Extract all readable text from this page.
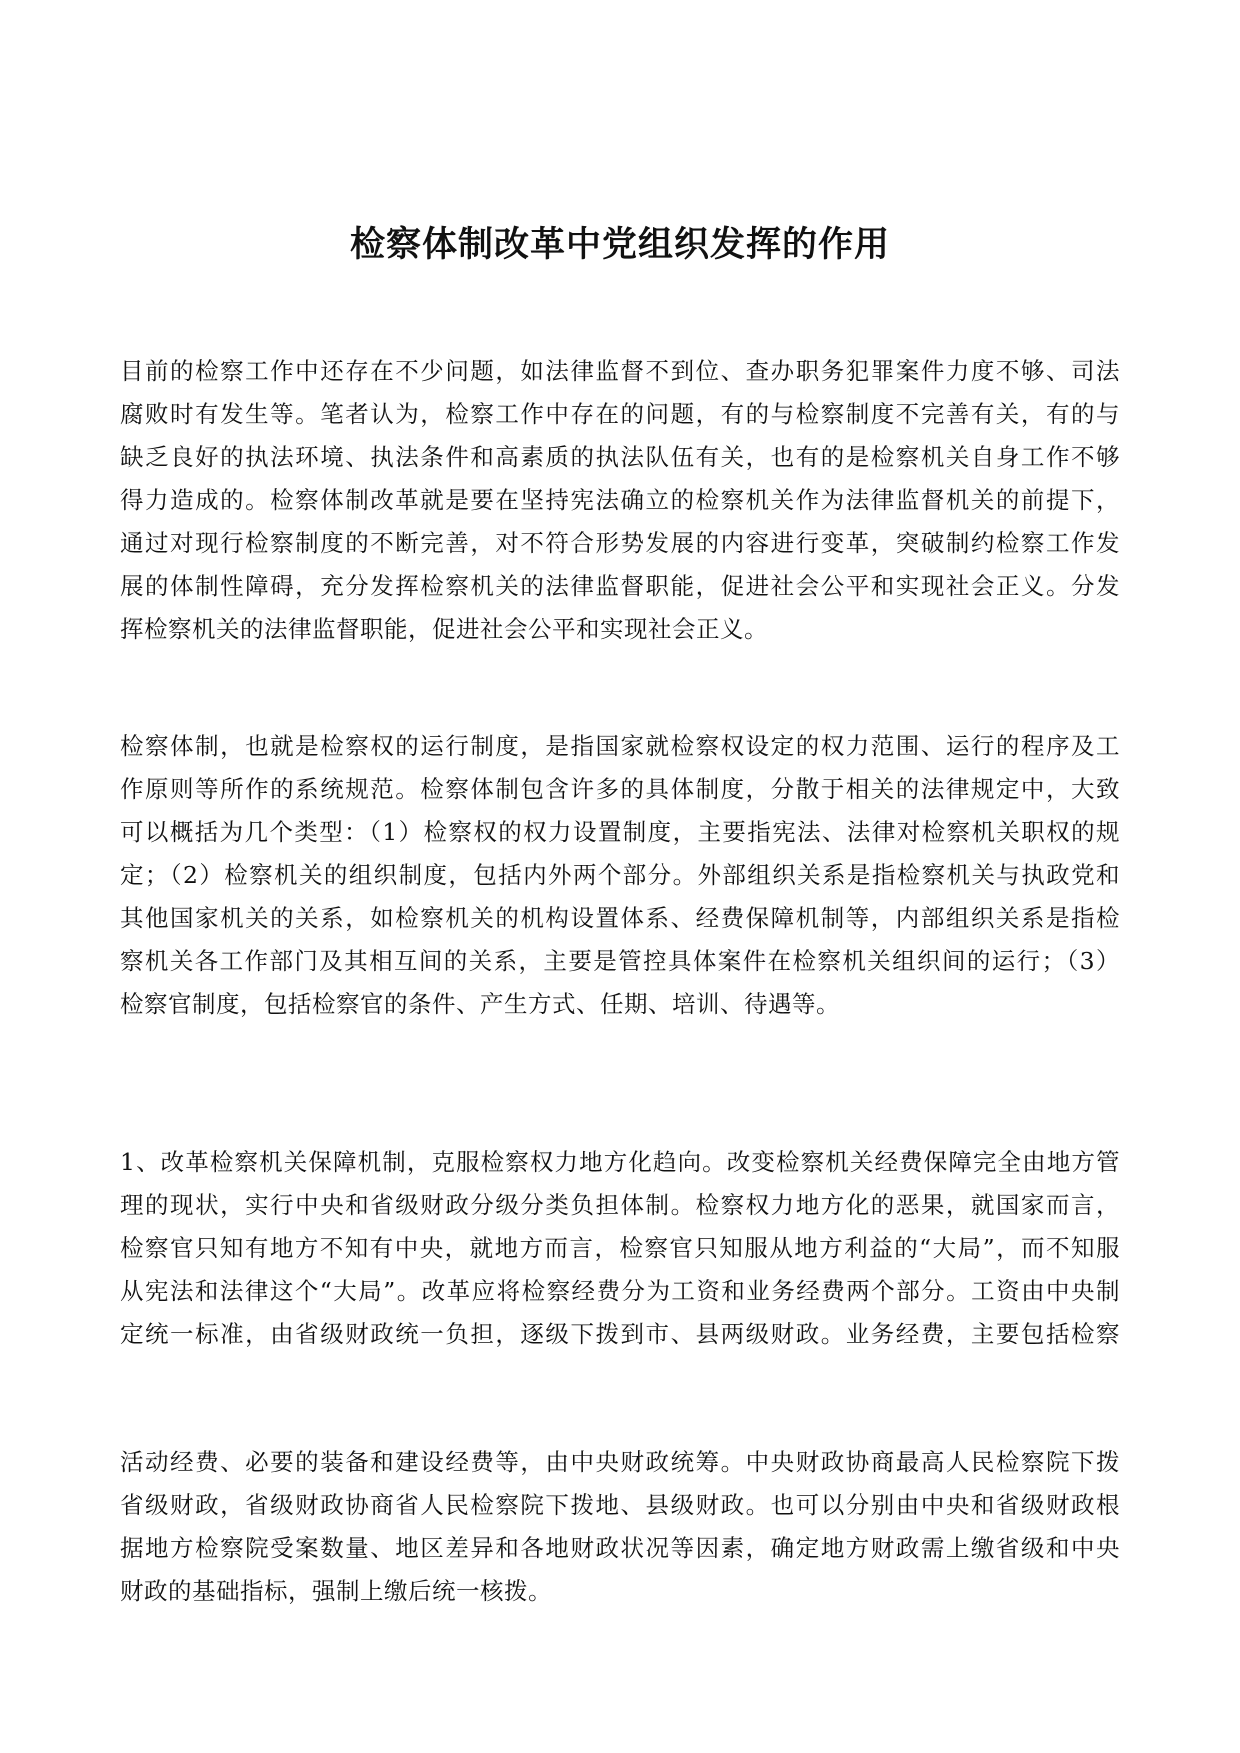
检察体制改革中党组织发挥的作用
目前的检察工作中还存在不少问题，如法律监督不到位、查办职务犯罪案件力度不够、司法
腐败时有发生等。笔者认为，检察工作中存在的问题，有的与检察制度不完善有关，有的与
缺乏良好的执法环境、执法条件和高素质的执法队伍有关，也有的是检察机关自身工作不够
得力造成的。检察体制改革就是要在坚持宪法确立的检察机关作为法律监督机关的前提下，
通过对现行检察制度的不断完善，对不符合形势发展的内容进行变革，突破制约检察工作发
展的体制性障碍，充分发挥检察机关的法律监督职能，促进社会公平和实现社会正义。分发
挥检察机关的法律监督职能，促进社会公平和实现社会正义。
检察体制，也就是检察权的运行制度，是指国家就检察权设定的权力范围、运行的程序及工
作原则等所作的系统规范。检察体制包含许多的具体制度，分散于相关的法律规定中，大致
可以概括为几个类型：（1）检察权的权力设置制度，主要指宪法、法律对检察机关职权的规
定；（2）检察机关的组织制度，包括内外两个部分。外部组织关系是指检察机关与执政党和
其他国家机关的关系，如检察机关的机构设置体系、经费保障机制等，内部组织关系是指检
察机关各工作部门及其相互间的关系，主要是管控具体案件在检察机关组织间的运行；（3）
检察官制度，包括检察官的条件、产生方式、任期、培训、待遇等。
1、改革检察机关保障机制，克服检察权力地方化趋向。改变检察机关经费保障完全由地方管
理的现状，实行中央和省级财政分级分类负担体制。检察权力地方化的恶果，就国家而言，
检察官只知有地方不知有中央，就地方而言，检察官只知服从地方利益的“大局”，而不知服
从宪法和法律这个“大局”。改革应将检察经费分为工资和业务经费两个部分。工资由中央制
定统一标准，由省级财政统一负担，逐级下拨到市、县两级财政。业务经费，主要包括检察
活动经费、必要的装备和建设经费等，由中央财政统筹。中央财政协商最高人民检察院下拨
省级财政，省级财政协商省人民检察院下拨地、县级财政。也可以分别由中央和省级财政根
据地方检察院受案数量、地区差异和各地财政状况等因素，确定地方财政需上缴省级和中央
财政的基础指标，强制上缴后统一核拨。
